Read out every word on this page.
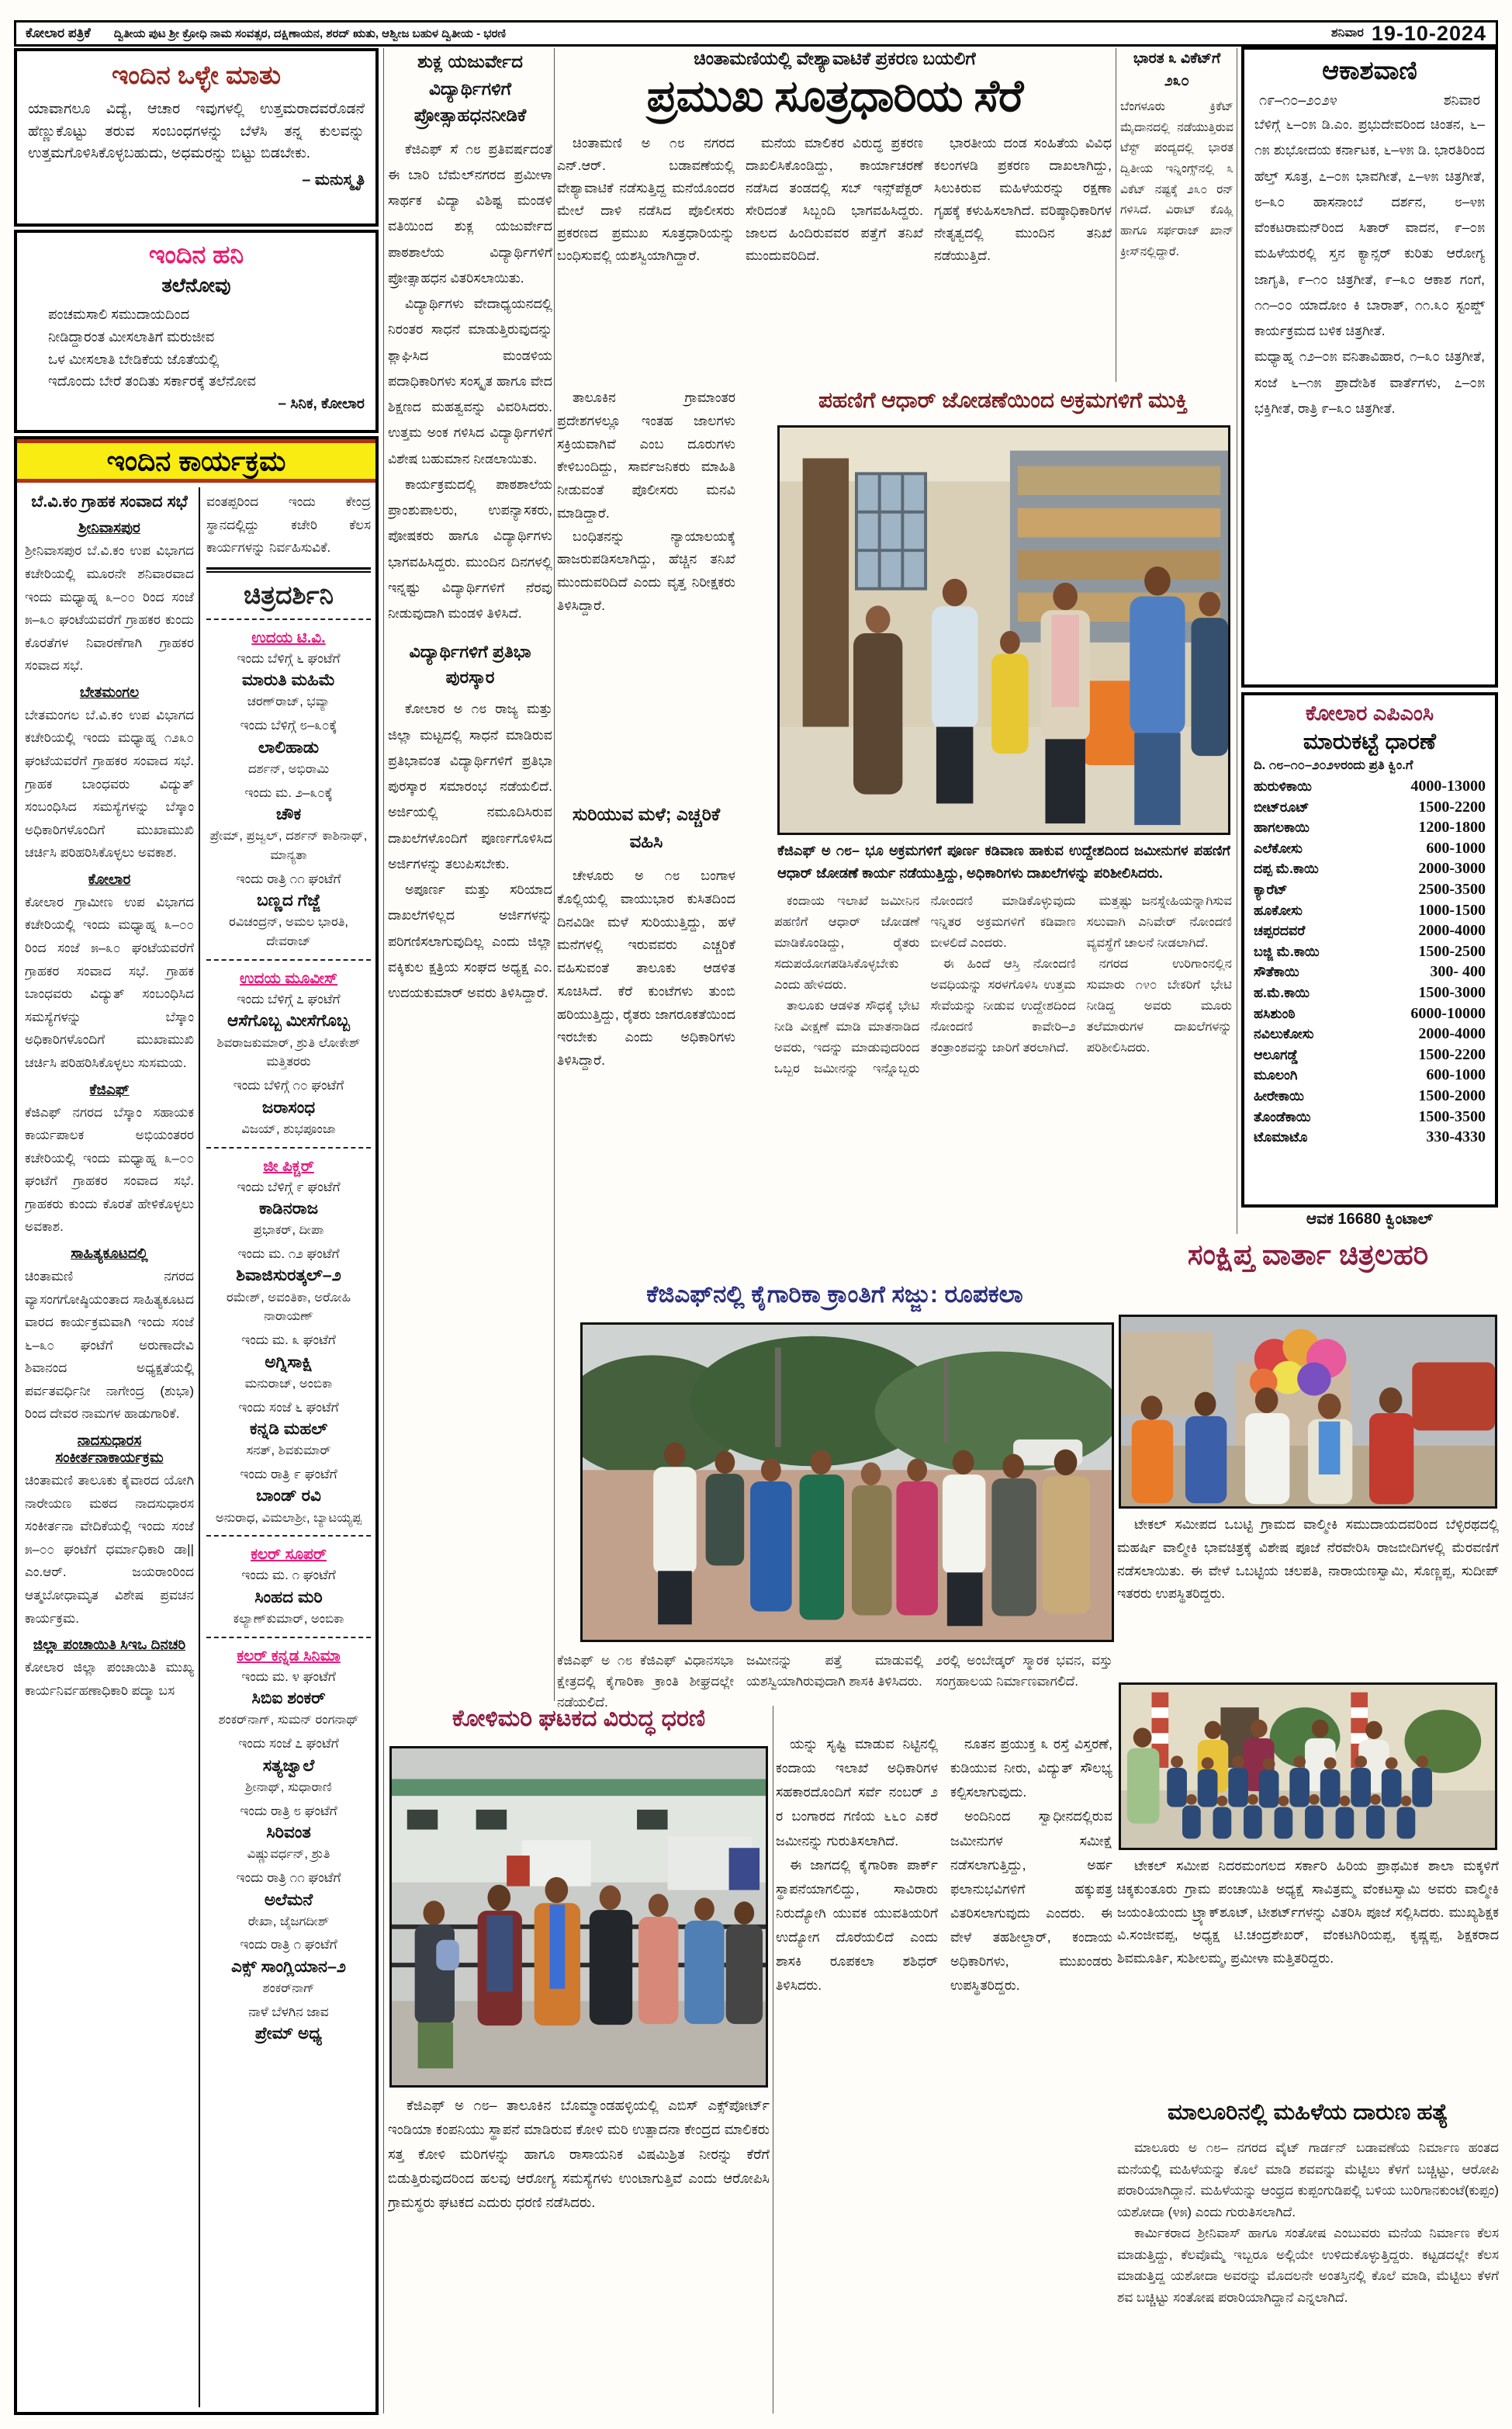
ಕೋಲಾರ ಪತ್ರಿಕೆ ದ್ವಿತೀಯ ಪುಟ ಶ್ರೀ ಕ್ರೋಧಿ ನಾಮ ಸಂವತ್ಸರ, ದಕ್ಷಿಣಾಯನ, ಶರದ್ ಋತು, ಆಶ್ವೀಜ ಬಹುಳ ದ್ವಿತೀಯ - ಭರಣಿ	ಶನಿವಾರ 19-10-2024
ಇಂದಿನ ಒಳ್ಳೇ ಮಾತು

ಯಾವಾಗಲೂ ವಿದ್ಯೆ, ಆಚಾರ ಇವುಗಳಲ್ಲಿ ಉತ್ತಮರಾದವರೊಡನೆ ಹೆಣ್ಣುಕೊಟ್ಟು ತರುವ ಸಂಬಂಧಗಳನ್ನು ಬೆಳೆಸಿ ತನ್ನ ಕುಲವನ್ನು ಉತ್ತಮಗೊಳಿಸಿಕೊಳ್ಳಬಹುದು, ಅಧಮರನ್ನು ಬಿಟ್ಟು ಬಿಡಬೇಕು.

– ಮನುಸ್ಮೃತಿ
ಇಂದಿನ ಹನಿ
ತಲೆನೋವು
ಪಂಚಮಸಾಲಿ ಸಮುದಾಯದಿಂದ
ನೀಡಿದ್ದಾರಂತ ಮೀಸಲಾತಿಗೆ ಮರುಜೀವ
ಒಳ ಮೀಸಲಾತಿ ಬೇಡಿಕೆಯ ಜೊತೆಯಲ್ಲಿ
ಇದೊಂದು ಬೇರೆ ತಂದಿತು ಸರ್ಕಾರಕ್ಕೆ ತಲೆನೋವ
– ಸಿನಿಕ, ಕೋಲಾರ
ಇಂದಿನ ಕಾರ್ಯಕ್ರಮ
ಬೆ.ವಿ.ಕಂ ಗ್ರಾಹಕ ಸಂವಾದ ಸಭೆ
ಶ್ರೀನಿವಾಸಪುರ

ಶ್ರೀನಿವಾಸಪುರ ಬೆ.ವಿ.ಕಂ ಉಪ ವಿಭಾಗದ ಕಚೇರಿಯಲ್ಲಿ ಮೂರನೇ ಶನಿವಾರವಾದ ಇಂದು ಮಧ್ಯಾಹ್ನ ೩–೦೦ ರಿಂದ ಸಂಜೆ ೫–೩೦ ಘಂಟೆಯವರೆಗೆ ಗ್ರಾಹಕರ ಕುಂದು ಕೊರತೆಗಳ ನಿವಾರಣೆಗಾಗಿ ಗ್ರಾಹಕರ ಸಂವಾದ ಸಭೆ.

ಬೇತಮಂಗಲ

ಬೇತಮಂಗಲ ಬೆ.ವಿ.ಕಂ ಉಪ ವಿಭಾಗದ ಕಚೇರಿಯಲ್ಲಿ ಇಂದು ಮಧ್ಯಾಹ್ನ ೧೨೩೦ ಘಂಟೆಯವರೆಗೆ ಗ್ರಾಹಕರ ಸಂವಾದ ಸಭೆ. ಗ್ರಾಹಕ ಬಾಂಧವರು ವಿದ್ಯುತ್ ಸಂಬಂಧಿಸಿದ ಸಮಸ್ಯೆಗಳನ್ನು ಬೆಸ್ಕಾಂ ಅಧಿಕಾರಿಗಳೊಂದಿಗೆ ಮುಖಾಮುಖಿ ಚರ್ಚಿಸಿ ಪರಿಹರಿಸಿಕೊಳ್ಳಲು ಅವಕಾಶ.

ಕೋಲಾರ

ಕೋಲಾರ ಗ್ರಾಮೀಣ ಉಪ ವಿಭಾಗದ ಕಚೇರಿಯಲ್ಲಿ ಇಂದು ಮಧ್ಯಾಹ್ನ ೩–೦೦ ರಿಂದ ಸಂಜೆ ೫–೩೦ ಘಂಟೆಯವರೆಗೆ ಗ್ರಾಹಕರ ಸಂವಾದ ಸಭೆ. ಗ್ರಾಹಕ ಬಾಂಧವರು ವಿದ್ಯುತ್ ಸಂಬಂಧಿಸಿದ ಸಮಸ್ಯೆಗಳನ್ನು ಬೆಸ್ಕಾಂ ಅಧಿಕಾರಿಗಳೊಂದಿಗೆ ಮುಖಾಮುಖಿ ಚರ್ಚಿಸಿ ಪರಿಹರಿಸಿಕೊಳ್ಳಲು ಸುಸಮಯ.

ಕೆಜಿಎಫ್

ಕೆಜಿಎಫ್ ನಗರದ ಬೆಸ್ಕಾಂ ಸಹಾಯಕ ಕಾರ್ಯಪಾಲಕ ಅಭಿಯಂತರರ ಕಚೇರಿಯಲ್ಲಿ ಇಂದು ಮಧ್ಯಾಹ್ನ ೩–೦೦ ಘಂಟೆಗೆ ಗ್ರಾಹಕರ ಸಂವಾದ ಸಭೆ. ಗ್ರಾಹಕರು ಕುಂದು ಕೊರತೆ ಹೇಳಿಕೊಳ್ಳಲು ಅವಕಾಶ.

ಸಾಹಿತ್ಯಕೂಟದಲ್ಲಿ

ಚಿಂತಾಮಣಿ ನಗರದ ವ್ಯಾಸಂಗಗೋಷ್ಠಿಯಂತಾದ ಸಾಹಿತ್ಯಕೂಟದ ವಾರದ ಕಾರ್ಯಕ್ರಮವಾಗಿ ಇಂದು ಸಂಜೆ ೬–೩೦ ಘಂಟೆಗೆ ಅರುಣಾದೇವಿ ಶಿವಾನಂದ ಅಧ್ಯಕ್ಷತೆಯಲ್ಲಿ ಪರ್ವತವರ್ಧಿನೀ ನಾಗೇಂದ್ರ (ಶುಭಾ) ರಿಂದ ದೇವರ ನಾಮಗಳ ಹಾಡುಗಾರಿಕೆ.

ನಾದಸುಧಾರಸ ಸಂಕೀರ್ತನಾಕಾರ್ಯಕ್ರಮ

ಚಿಂತಾಮಣಿ ತಾಲೂಕು ಕೈವಾರದ ಯೋಗಿ ನಾರೇಯಣ ಮಠದ ನಾದಸುಧಾರಸ ಸಂಕೀರ್ತನಾ ವೇದಿಕೆಯಲ್ಲಿ ಇಂದು ಸಂಜೆ ೫–೦೦ ಘಂಟೆಗೆ ಧರ್ಮಾಧಿಕಾರಿ ಡಾ|| ಎಂ.ಆರ್. ಜಯರಾಂರಿಂದ ಆತ್ಮಬೋಧಾಮೃತ ವಿಶೇಷ ಪ್ರವಚನ ಕಾರ್ಯಕ್ರಮ.

ಜಿಲ್ಲಾ ಪಂಚಾಯಿತಿ ಸಿಇಒ ದಿನಚರಿ

ಕೋಲಾರ ಜಿಲ್ಲಾ ಪಂಚಾಯಿತಿ ಮುಖ್ಯ ಕಾರ್ಯನಿರ್ವಹಣಾಧಿಕಾರಿ ಪದ್ಮಾ ಬಸ

ವಂತಪ್ಪರಿಂದ ಇಂದು ಕೇಂದ್ರ ಸ್ಥಾನದಲ್ಲಿದ್ದು ಕಚೇರಿ ಕೆಲಸ ಕಾರ್ಯಗಳನ್ನು ನಿರ್ವಹಿಸುವಿಕೆ.

ಚಿತ್ರದರ್ಶಿನಿ
ಉದಯ ಟಿ.ವಿ.
ಇಂದು ಬೆಳಿಗ್ಗೆ ೬ ಘಂಟೆಗೆ
ಮಾರುತಿ ಮಹಿಮೆ
ಚರಣ್‌ರಾಜ್, ಭವ್ಯಾ
ಇಂದು ಬೆಳಿಗ್ಗೆ ೮–೩೦ಕ್ಕೆ
ಲಾಲಿಹಾಡು
ದರ್ಶನ್, ಅಭಿರಾಮಿ
ಇಂದು ಮ. ೨–೩೦ಕ್ಕೆ
ಚೌಕ
ಪ್ರೇಮ್, ಪ್ರಜ್ವಲ್, ದರ್ಶನ್ ಕಾಶಿನಾಥ್, ಮಾನ್ಯತಾ
ಇಂದು ರಾತ್ರಿ ೧೧ ಘಂಟೆಗೆ
ಬಣ್ಣದ ಗೆಜ್ಜೆ
ರವಿಚಂದ್ರನ್, ಅಮಲ ಭಾರತಿ, ದೇವರಾಜ್
ಉದಯ ಮೂವೀಸ್
ಇಂದು ಬೆಳಿಗ್ಗೆ ೭ ಘಂಟೆಗೆ
ಆಸೆಗೊಬ್ಬ ಮೀಸೆಗೊಬ್ಬ
ಶಿವರಾಜಕುಮಾರ್, ಶ್ರುತಿ ಲೋಕೇಶ್ ಮತ್ತಿತರರು
ಇಂದು ಬೆಳಿಗ್ಗೆ ೧೦ ಘಂಟೆಗೆ
ಜರಾಸಂಧ
ವಿಜಯ್, ಶುಭಪೂಂಜಾ
ಜೀ ಪಿಕ್ಚರ್
ಇಂದು ಬೆಳಿಗ್ಗೆ ೯ ಘಂಟೆಗೆ
ಕಾಡಿನರಾಜ
ಪ್ರಭಾಕರ್, ದೀಪಾ
ಇಂದು ಮ. ೧೨ ಘಂಟೆಗೆ
ಶಿವಾಜಿಸುರತ್ಕಲ್–೨
ರಮೇಶ್, ಅವಂತಿಕಾ, ಅರೋಹಿ ನಾರಾಯಣ್
ಇಂದು ಮ. ೩ ಘಂಟೆಗೆ
ಅಗ್ನಿಸಾಕ್ಷಿ
ಮನುರಾಜ್, ಅಂಬಿಕಾ
ಇಂದು ಸಂಜೆ ೬ ಘಂಟೆಗೆ
ಕನ್ನಡಿ ಮಹಲ್
ಸನತ್, ಶಿವಕುಮಾರ್
ಇಂದು ರಾತ್ರಿ ೯ ಘಂಟೆಗೆ
ಬಾಂಡ್ ರವಿ
ಅನುರಾಧ, ವಿಮಲಾಶ್ರೀ, ಬ್ಯಾಟಯ್ಯಪ್ಪ
ಕಲರ್ ಸೂಪರ್
ಇಂದು ಮ. ೧ ಘಂಟೆಗೆ
ಸಿಂಹದ ಮರಿ
ಕಲ್ಯಾಣ್‌ಕುಮಾರ್, ಅಂಬಿಕಾ
ಕಲರ್ ಕನ್ನಡ ಸಿನಿಮಾ
ಇಂದು ಮ. ೪ ಘಂಟೆಗೆ
ಸಿಬಿಐ ಶಂಕರ್
ಶಂಕರ್‌ನಾಗ್, ಸುಮನ್ ರಂಗನಾಥ್
ಇಂದು ಸಂಜೆ ೭ ಘಂಟೆಗೆ
ಸತ್ಯಜ್ವಾಲೆ
ಶ್ರೀನಾಥ್, ಸುಧಾರಾಣಿ
ಇಂದು ರಾತ್ರಿ ೮ ಘಂಟೆಗೆ
ಸಿರಿವಂತ
ವಿಷ್ಣುವರ್ಧನ್, ಶ್ರುತಿ
ಇಂದು ರಾತ್ರಿ ೧೧ ಘಂಟೆಗೆ
ಅಲೆಮನೆ
ರೇಖಾ, ಜೈಜಗದೀಶ್
ಇಂದು ರಾತ್ರಿ ೧ ಘಂಟೆಗೆ
ಎಕ್ಸ್ ಸಾಂಗ್ಲಿಯಾನ–೨
ಶಂಕರ್‌ನಾಗ್
ನಾಳೆ ಬೆಳಗಿನ ಜಾವ
ಪ್ರೇಮ್ ಅಧ್ಯ
ಶುಕ್ಲ ಯಜುರ್ವೇದ ವಿದ್ಯಾರ್ಥಿಗಳಿಗೆ ಪ್ರೋತ್ಸಾಹಧನನೀಡಿಕೆ

ಕೆಜಿಎಫ್ ಸೆ ೧೮ ಪ್ರತಿವರ್ಷದಂತೆ ಈ ಬಾರಿ ಬೆಮೆಲ್‌ನಗರದ ಪ್ರಮೀಳಾ ಸಾರ್ಥಕ ವಿದ್ಯಾ ವಿಶಿಷ್ಟ ಮಂಡಳಿ ವತಿಯಿಂದ ಶುಕ್ಲ ಯಜುರ್ವೇದ ಪಾಠಶಾಲೆಯ ವಿದ್ಯಾರ್ಥಿಗಳಿಗೆ ಪ್ರೋತ್ಸಾಹಧನ ವಿತರಿಸಲಾಯಿತು.

ವಿದ್ಯಾರ್ಥಿಗಳು ವೇದಾಧ್ಯಯನದಲ್ಲಿ ನಿರಂತರ ಸಾಧನೆ ಮಾಡುತ್ತಿರುವುದನ್ನು ಶ್ಲಾಘಿಸಿದ ಮಂಡಳಿಯ ಪದಾಧಿಕಾರಿಗಳು ಸಂಸ್ಕೃತ ಹಾಗೂ ವೇದ ಶಿಕ್ಷಣದ ಮಹತ್ವವನ್ನು ವಿವರಿಸಿದರು. ಉತ್ತಮ ಅಂಕ ಗಳಿಸಿದ ವಿದ್ಯಾರ್ಥಿಗಳಿಗೆ ವಿಶೇಷ ಬಹುಮಾನ ನೀಡಲಾಯಿತು.

ಕಾರ್ಯಕ್ರಮದಲ್ಲಿ ಪಾಠಶಾಲೆಯ ಪ್ರಾಂಶುಪಾಲರು, ಉಪನ್ಯಾಸಕರು, ಪೋಷಕರು ಹಾಗೂ ವಿದ್ಯಾರ್ಥಿಗಳು ಭಾಗವಹಿಸಿದ್ದರು. ಮುಂದಿನ ದಿನಗಳಲ್ಲಿ ಇನ್ನಷ್ಟು ವಿದ್ಯಾರ್ಥಿಗಳಿಗೆ ನೆರವು ನೀಡುವುದಾಗಿ ಮಂಡಳಿ ತಿಳಿಸಿದೆ.

ವಿದ್ಯಾರ್ಥಿಗಳಿಗೆ ಪ್ರತಿಭಾ ಪುರಸ್ಕಾರ

ಕೋಲಾರ ಅ ೧೮ ರಾಜ್ಯ ಮತ್ತು ಜಿಲ್ಲಾ ಮಟ್ಟದಲ್ಲಿ ಸಾಧನೆ ಮಾಡಿರುವ ಪ್ರತಿಭಾವಂತ ವಿದ್ಯಾರ್ಥಿಗಳಿಗೆ ಪ್ರತಿಭಾ ಪುರಸ್ಕಾರ ಸಮಾರಂಭ ನಡೆಯಲಿದೆ. ಅರ್ಜಿಯಲ್ಲಿ ನಮೂದಿಸಿರುವ ದಾಖಲೆಗಳೊಂದಿಗೆ ಪೂರ್ಣಗೊಳಿಸಿದ ಅರ್ಜಿಗಳನ್ನು ತಲುಪಿಸಬೇಕು.

ಅಪೂರ್ಣ ಮತ್ತು ಸರಿಯಾದ ದಾಖಲೆಗಳಿಲ್ಲದ ಅರ್ಜಿಗಳನ್ನು ಪರಿಗಣಿಸಲಾಗುವುದಿಲ್ಲ ಎಂದು ಜಿಲ್ಲಾ ವಕ್ಕಿಕುಲ ಕ್ಷತ್ರಿಯ ಸಂಘದ ಅಧ್ಯಕ್ಷ ಎಂ. ಉದಯಕುಮಾರ್ ಅವರು ತಿಳಿಸಿದ್ದಾರೆ.

ಚಿಂತಾಮಣಿಯಲ್ಲಿ ವೇಶ್ಯಾವಾಟಿಕೆ ಪ್ರಕರಣ ಬಯಲಿಗೆ
ಪ್ರಮುಖ ಸೂತ್ರಧಾರಿಯ ಸೆರೆ

ಚಿಂತಾಮಣಿ ಅ ೧೮ ನಗರದ ಎನ್.ಆರ್. ಬಡಾವಣೆಯಲ್ಲಿ ವೇಶ್ಯಾವಾಟಿಕೆ ನಡೆಸುತ್ತಿದ್ದ ಮನೆಯೊಂದರ ಮೇಲೆ ದಾಳಿ ನಡೆಸಿದ ಪೊಲೀಸರು ಪ್ರಕರಣದ ಪ್ರಮುಖ ಸೂತ್ರಧಾರಿಯನ್ನು ಬಂಧಿಸುವಲ್ಲಿ ಯಶಸ್ವಿಯಾಗಿದ್ದಾರೆ.

ಮನೆಯ ಮಾಲಿಕರ ವಿರುದ್ಧ ಪ್ರಕರಣ ದಾಖಲಿಸಿಕೊಂಡಿದ್ದು, ಕಾರ್ಯಾಚರಣೆ ನಡೆಸಿದ ತಂಡದಲ್ಲಿ ಸಬ್ ಇನ್ಸ್‌ಪೆಕ್ಟರ್ ಸೇರಿದಂತೆ ಸಿಬ್ಬಂದಿ ಭಾಗವಹಿಸಿದ್ದರು. ಜಾಲದ ಹಿಂದಿರುವವರ ಪತ್ತೆಗೆ ತನಿಖೆ ಮುಂದುವರಿದಿದೆ.

ಭಾರತೀಯ ದಂಡ ಸಂಹಿತೆಯ ವಿವಿಧ ಕಲಂಗಳಡಿ ಪ್ರಕರಣ ದಾಖಲಾಗಿದ್ದು, ಸಿಲುಕಿರುವ ಮಹಿಳೆಯರನ್ನು ರಕ್ಷಣಾ ಗೃಹಕ್ಕೆ ಕಳುಹಿಸಲಾಗಿದೆ. ವರಿಷ್ಠಾಧಿಕಾರಿಗಳ ನೇತೃತ್ವದಲ್ಲಿ ಮುಂದಿನ ತನಿಖೆ ನಡೆಯುತ್ತಿದೆ.

ಭಾರತ ೩ ವಿಕೆಟ್‌ಗೆ ೨೩೦

ಬೆಂಗಳೂರು ಕ್ರಿಕೆಟ್ ಮೈದಾನದಲ್ಲಿ ನಡೆಯುತ್ತಿರುವ ಟೆಸ್ಟ್ ಪಂದ್ಯದಲ್ಲಿ ಭಾರತ ದ್ವಿತೀಯ ಇನ್ನಿಂಗ್ಸ್‌ನಲ್ಲಿ ೩ ವಿಕೆಟ್ ನಷ್ಟಕ್ಕೆ ೨೩೦ ರನ್ ಗಳಿಸಿದೆ. ವಿರಾಟ್ ಕೊಹ್ಲಿ ಹಾಗೂ ಸರ್ಫರಾಜ್ ಖಾನ್ ಕ್ರೀಸ್‌ನಲ್ಲಿದ್ದಾರೆ.

ತಾಲೂಕಿನ ಗ್ರಾಮಾಂತರ ಪ್ರದೇಶಗಳಲ್ಲೂ ಇಂತಹ ಜಾಲಗಳು ಸಕ್ರಿಯವಾಗಿವೆ ಎಂಬ ದೂರುಗಳು ಕೇಳಿಬಂದಿದ್ದು, ಸಾರ್ವಜನಿಕರು ಮಾಹಿತಿ ನೀಡುವಂತೆ ಪೊಲೀಸರು ಮನವಿ ಮಾಡಿದ್ದಾರೆ.

ಬಂಧಿತನನ್ನು ನ್ಯಾಯಾಲಯಕ್ಕೆ ಹಾಜರುಪಡಿಸಲಾಗಿದ್ದು, ಹೆಚ್ಚಿನ ತನಿಖೆ ಮುಂದುವರಿದಿದೆ ಎಂದು ವೃತ್ತ ನಿರೀಕ್ಷಕರು ತಿಳಿಸಿದ್ದಾರೆ.

ಸುರಿಯುವ ಮಳೆ; ಎಚ್ಚರಿಕೆ ವಹಿಸಿ

ಚೇಳೂರು ಅ ೧೮ ಬಂಗಾಳ ಕೊಲ್ಲಿಯಲ್ಲಿ ವಾಯುಭಾರ ಕುಸಿತದಿಂದ ದಿನವಿಡೀ ಮಳೆ ಸುರಿಯುತ್ತಿದ್ದು, ಹಳೆ ಮನೆಗಳಲ್ಲಿ ಇರುವವರು ಎಚ್ಚರಿಕೆ ವಹಿಸುವಂತೆ ತಾಲೂಕು ಆಡಳಿತ ಸೂಚಿಸಿದೆ. ಕೆರೆ ಕುಂಟೆಗಳು ತುಂಬಿ ಹರಿಯುತ್ತಿದ್ದು, ರೈತರು ಜಾಗರೂಕತೆಯಿಂದ ಇರಬೇಕು ಎಂದು ಅಧಿಕಾರಿಗಳು ತಿಳಿಸಿದ್ದಾರೆ.

ಪಹಣಿಗೆ ಆಧಾರ್ ಜೋಡಣೆಯಿಂದ ಅಕ್ರಮಗಳಿಗೆ ಮುಕ್ತಿ
ಕೆಜಿಎಫ್ ಅ ೧೮– ಭೂ ಅಕ್ರಮಗಳಿಗೆ ಪೂರ್ಣ ಕಡಿವಾಣ ಹಾಕುವ ಉದ್ದೇಶದಿಂದ ಜಮೀನುಗಳ ಪಹಣಿಗೆ ಆಧಾರ್ ಜೋಡಣೆ ಕಾರ್ಯ ನಡೆಯುತ್ತಿದ್ದು, ಅಧಿಕಾರಿಗಳು ದಾಖಲೆಗಳನ್ನು ಪರಿಶೀಲಿಸಿದರು.

ಕಂದಾಯ ಇಲಾಖೆ ಜಮೀನಿನ ಪಹಣಿಗೆ ಆಧಾರ್ ಜೋಡಣೆ ಮಾಡಿಕೊಂಡಿದ್ದು, ರೈತರು ಸದುಪಯೋಗಪಡಿಸಿಕೊಳ್ಳಬೇಕು ಎಂದು ಹೇಳಿದರು.

ತಾಲೂಕು ಆಡಳಿತ ಸೌಧಕ್ಕೆ ಭೇಟಿ ನೀಡಿ ವೀಕ್ಷಣೆ ಮಾಡಿ ಮಾತನಾಡಿದ ಅವರು, ಇದನ್ನು ಮಾಡುವುದರಿಂದ ಒಬ್ಬರ ಜಮೀನನ್ನು ಇನ್ನೊಬ್ಬರು ನೋಂದಣಿ ಮಾಡಿಕೊಳ್ಳುವುದು ಇನ್ನಿತರ ಅಕ್ರಮಗಳಿಗೆ ಕಡಿವಾಣ ಬೀಳಲಿದೆ ಎಂದರು.

ಈ ಹಿಂದೆ ಆಸ್ತಿ ನೋಂದಣಿ ಅವಧಿಯನ್ನು ಸರಳಗೊಳಿಸಿ ಉತ್ತಮ ಸೇವೆಯನ್ನು ನೀಡುವ ಉದ್ದೇಶದಿಂದ ನೋಂದಣಿ ಕಾವೇರಿ–೨ ತಂತ್ರಾಂಶವನ್ನು ಜಾರಿಗೆ ತರಲಾಗಿದೆ.

ಮತ್ತಷ್ಟು ಜನಸ್ನೇಹಿಯನ್ನಾಗಿಸುವ ಸಲುವಾಗಿ ಎನಿವೇರ್ ನೋಂದಣಿ ವ್ಯವಸ್ಥೆಗೆ ಚಾಲನೆ ನೀಡಲಾಗಿದೆ.

ನಗರದ ಉರಿಗಾಂನಲ್ಲಿನ ಸುಮಾರು ೧೪೦ ಬೇಕರಿಗೆ ಭೇಟಿ ನೀಡಿದ್ದ ಅವರು ಮೂರು ತಲೆಮಾರುಗಳ ದಾಖಲೆಗಳನ್ನು ಪರಿಶೀಲಿಸಿದರು.

ಕೆಜಿಎಫ್‌ನಲ್ಲಿ ಕೈಗಾರಿಕಾ ಕ್ರಾಂತಿಗೆ ಸಜ್ಜು: ರೂಪಕಲಾ

ಕೆಜಿಎಫ್ ಅ ೧೮ ಕೆಜಿಎಫ್ ವಿಧಾನಸಭಾ ಕ್ಷೇತ್ರದಲ್ಲಿ ಕೈಗಾರಿಕಾ ಕ್ರಾಂತಿ ಶೀಘ್ರದಲ್ಲೇ ನಡೆಯಲಿದೆ.

ಜಮೀನನ್ನು ಪತ್ತೆ ಮಾಡುವಲ್ಲಿ ಯಶಸ್ವಿಯಾಗಿರುವುದಾಗಿ ಶಾಸಕಿ ತಿಳಿಸಿದರು.

೨ರಲ್ಲಿ ಅಂಬೇಡ್ಕರ್ ಸ್ಮಾರಕ ಭವನ, ವಸ್ತು ಸಂಗ್ರಹಾಲಯ ನಿರ್ಮಾಣವಾಗಲಿದೆ.

ಯನ್ನು ಸೃಷ್ಟಿ ಮಾಡುವ ನಿಟ್ಟಿನಲ್ಲಿ ಕಂದಾಯ ಇಲಾಖೆ ಅಧಿಕಾರಿಗಳ ಸಹಕಾರದೊಂದಿಗೆ ಸರ್ವೆ ನಂಬರ್ ೨ ರ ಬಂಗಾರದ ಗಣಿಯ ೬೬೦ ಎಕರೆ ಜಮೀನನ್ನು ಗುರುತಿಸಲಾಗಿದೆ.

ಈ ಜಾಗದಲ್ಲಿ ಕೈಗಾರಿಕಾ ಪಾರ್ಕ್ ಸ್ಥಾಪನೆಯಾಗಲಿದ್ದು, ಸಾವಿರಾರು ನಿರುದ್ಯೋಗಿ ಯುವಕ ಯುವತಿಯರಿಗೆ ಉದ್ಯೋಗ ದೊರೆಯಲಿದೆ ಎಂದು ಶಾಸಕಿ ರೂಪಕಲಾ ಶಶಿಧರ್ ತಿಳಿಸಿದರು.

ನೂತನ ಪ್ರಯುಕ್ತ ೩ ರಸ್ತೆ ವಿಸ್ತರಣೆ, ಕುಡಿಯುವ ನೀರು, ವಿದ್ಯುತ್ ಸೌಲಭ್ಯ ಕಲ್ಪಿಸಲಾಗುವುದು.

ಅಂದಿನಿಂದ ಸ್ವಾಧೀನದಲ್ಲಿರುವ ಜಮೀನುಗಳ ಸಮೀಕ್ಷೆ ನಡೆಸಲಾಗುತ್ತಿದ್ದು, ಅರ್ಹ ಫಲಾನುಭವಿಗಳಿಗೆ ಹಕ್ಕುಪತ್ರ ವಿತರಿಸಲಾಗುವುದು ಎಂದರು. ಈ ವೇಳೆ ತಹಶೀಲ್ದಾರ್, ಕಂದಾಯ ಅಧಿಕಾರಿಗಳು, ಮುಖಂಡರು ಉಪಸ್ಥಿತರಿದ್ದರು.

ಕೋಳಿಮರಿ ಘಟಕದ ವಿರುದ್ಧ ಧರಣಿ

ಕೆಜಿಎಫ್ ಅ ೧೮– ತಾಲೂಕಿನ ಬೊಮ್ಮಾಂಡಹಳ್ಳಿಯಲ್ಲಿ ಎಬಿಸ್ ಎಕ್ಸ್‌ಪೋರ್ಟ್ ಇಂಡಿಯಾ ಕಂಪನಿಯು ಸ್ಥಾಪನೆ ಮಾಡಿರುವ ಕೋಳಿ ಮರಿ ಉತ್ಪಾದನಾ ಕೇಂದ್ರದ ಮಾಲಿಕರು ಸತ್ತ ಕೋಳಿ ಮರಿಗಳನ್ನು ಹಾಗೂ ರಾಸಾಯನಿಕ ವಿಷಮಿಶ್ರಿತ ನೀರನ್ನು ಕೆರೆಗೆ ಬಿಡುತ್ತಿರುವುದರಿಂದ ಹಲವು ಆರೋಗ್ಯ ಸಮಸ್ಯೆಗಳು ಉಂಟಾಗುತ್ತಿವೆ ಎಂದು ಆರೋಪಿಸಿ ಗ್ರಾಮಸ್ಥರು ಘಟಕದ ಎದುರು ಧರಣಿ ನಡೆಸಿದರು.

ಆಕಾಶವಾಣಿ
೧೯–೧೦–೨೦೨೪	ಶನಿವಾರ

ಬೆಳಿಗ್ಗೆ ೬–೦೫ ಡಿ.ಎಂ. ಪ್ರಭುದೇವರಿಂದ ಚಿಂತನ, ೬–೧೫ ಶುಭೋದಯ ಕರ್ನಾಟಕ, ೬–೪೫ ಡಿ. ಭಾರತಿರಿಂದ ಹೆಲ್ತ್ ಸೂತ್ರ, ೭–೦೫ ಭಾವಗೀತೆ, ೭–೪೫ ಚಿತ್ರಗೀತೆ, ೮–೩೦ ಹಾಸನಾಂಬೆ ದರ್ಶನ, ೮–೪೫ ವೆಂಕಟರಾಮನ್‌ರಿಂದ ಸಿತಾರ್ ವಾದನ, ೯–೦೫ ಮಹಿಳೆಯರಲ್ಲಿ ಸ್ತನ ಕ್ಯಾನ್ಸರ್ ಕುರಿತು ಆರೋಗ್ಯ ಜಾಗೃತಿ, ೯–೧೦ ಚಿತ್ರಗೀತೆ, ೯–೩೦ ಆಕಾಶ ಗಂಗೆ, ೧೧–೦೦ ಯಾದೋಂ ಕಿ ಬಾರಾತ್, ೧೧.೩೦ ಸ್ಟಂಪ್ಡ್ ಕಾರ್ಯಕ್ರಮದ ಬಳಿಕ ಚಿತ್ರಗೀತೆ.

ಮಧ್ಯಾಹ್ನ ೧೨–೦೫ ವನಿತಾವಿಹಾರ, ೧–೩೦ ಚಿತ್ರಗೀತೆ, ಸಂಜೆ ೬–೧೫ ಪ್ರಾದೇಶಿಕ ವಾರ್ತೆಗಳು, ೭–೦೫ ಭಕ್ತಿಗೀತೆ, ರಾತ್ರಿ ೯–೩೦ ಚಿತ್ರಗೀತೆ.

ಕೋಲಾರ ಎಪಿಎಂಸಿ
ಮಾರುಕಟ್ಟೆ ಧಾರಣೆ
ದಿ. ೧೮–೧೦–೨೦೨೪ರಂದು ಪ್ರತಿ ಕ್ವಿಂ.ಗೆ
ಹುರುಳಿಕಾಯಿ	4000-13000
ಬೀಟ್‌ರೂಟ್	1500-2200
ಹಾಗಲಕಾಯಿ	1200-1800
ಎಲೆಕೋಸು	600-1000
ದಪ್ಪ ಮೆ.ಕಾಯಿ	2000-3000
ಕ್ಯಾರೆಟ್	2500-3500
ಹೂಕೋಸು	1000-1500
ಚಪ್ಪರದವರೆ	2000-4000
ಬಜ್ಜಿ ಮೆ.ಕಾಯಿ	1500-2500
ಸೌತೆಕಾಯಿ	300- 400
ಹ.ಮೆ.ಕಾಯಿ	1500-3000
ಹಸಿಶುಂಠಿ	6000-10000
ನವಿಲುಕೋಸು	2000-4000
ಆಲೂಗಡ್ಡೆ	1500-2200
ಮೂಲಂಗಿ	600-1000
ಹೀರೇಕಾಯಿ	1500-2000
ತೊಂಡೆಕಾಯಿ	1500-3500
ಟೊಮಾಟೊ	330-4330
ಆವಕ 16680 ಕ್ವಿಂಟಾಲ್
ಸಂಕ್ಷಿಪ್ತ ವಾರ್ತಾ ಚಿತ್ರಲಹರಿ

ಟೇಕಲ್ ಸಮೀಪದ ಒಬಟ್ಟಿ ಗ್ರಾಮದ ವಾಲ್ಮೀಕಿ ಸಮುದಾಯದವರಿಂದ ಬೆಳ್ಳಿರಥದಲ್ಲಿ ಮಹರ್ಷಿ ವಾಲ್ಮೀಕಿ ಭಾವಚಿತ್ರಕ್ಕೆ ವಿಶೇಷ ಪೂಜೆ ನೆರವೇರಿಸಿ ರಾಜಬೀದಿಗಳಲ್ಲಿ ಮೆರವಣಿಗೆ ನಡೆಸಲಾಯಿತು. ಈ ವೇಳೆ ಒಬಟ್ಟಿಯ ಚಲಪತಿ, ನಾರಾಯಣಸ್ವಾಮಿ, ಸೊಣ್ಣಪ್ಪ, ಸುದೀಪ್ ಇತರರು ಉಪಸ್ಥಿತರಿದ್ದರು.

ಟೇಕಲ್ ಸಮೀಪ ನಿದರಮಂಗಲದ ಸರ್ಕಾರಿ ಹಿರಿಯ ಪ್ರಾಥಮಿಕ ಶಾಲಾ ಮಕ್ಕಳಿಗೆ ಚಿಕ್ಕಕುಂತೂರು ಗ್ರಾಮ ಪಂಚಾಯಿತಿ ಅಧ್ಯಕ್ಷೆ ಸಾವಿತ್ರಮ್ಮ ವೆಂಕಟಸ್ವಾಮಿ ಅವರು ವಾಲ್ಮೀಕಿ ಜಯಂತಿಯಂದು ಟ್ರ್ಯಾಕ್‌ಶೂಟ್, ಟೀಶರ್ಟ್‌ಗಳನ್ನು ವಿತರಿಸಿ ಪೂಜೆ ಸಲ್ಲಿಸಿದರು. ಮುಖ್ಯಶಿಕ್ಷಕ ವಿ.ಸಂಜೀವಪ್ಪ, ಅಧ್ಯಕ್ಷ ಟಿ.ಚಂದ್ರಶೇಖರ್, ವೆಂಕಟಗಿರಿಯಪ್ಪ, ಕೃಷ್ಣಪ್ಪ, ಶಿಕ್ಷಕರಾದ ಶಿವಮೂರ್ತಿ, ಸುಶೀಲಮ್ಮ, ಪ್ರಮೀಳಾ ಮತ್ತಿತರಿದ್ದರು.

ಮಾಲೂರಿನಲ್ಲಿ ಮಹಿಳೆಯ ದಾರುಣ ಹತ್ಯೆ

ಮಾಲೂರು ಅ ೧೮– ನಗರದ ವೈಟ್ ಗಾರ್ಡನ್ ಬಡಾವಣೆಯ ನಿರ್ಮಾಣ ಹಂತದ ಮನೆಯಲ್ಲಿ ಮಹಿಳೆಯನ್ನು ಕೊಲೆ ಮಾಡಿ ಶವವನ್ನು ಮೆಟ್ಟಿಲು ಕೆಳಗೆ ಬಚ್ಚಿಟ್ಟು, ಆರೋಪಿ ಪರಾರಿಯಾಗಿದ್ದಾನೆ. ಮಹಿಳೆಯನ್ನು ಆಂಧ್ರದ ಕುಪ್ಪಂಗುಡಿಪಲ್ಲಿ ಬಳಿಯ ಬುರಿಗಾನಕುಂಟೆ(ಕುಪ್ಪಂ) ಯಶೋದಾ (೪೫) ಎಂದು ಗುರುತಿಸಲಾಗಿದೆ.

ಕಾರ್ಮಿಕರಾದ ಶ್ರೀನಿವಾಸ್ ಹಾಗೂ ಸಂತೋಷ ಎಂಬುವರು ಮನೆಯ ನಿರ್ಮಾಣ ಕೆಲಸ ಮಾಡುತ್ತಿದ್ದು, ಕೆಲವೊಮ್ಮೆ ಇಬ್ಬರೂ ಅಲ್ಲಿಯೇ ಉಳಿದುಕೊಳ್ಳುತ್ತಿದ್ದರು. ಕಟ್ಟಡದಲ್ಲೇ ಕೆಲಸ ಮಾಡುತ್ತಿದ್ದ ಯಶೋದಾ ಅವರನ್ನು ಮೊದಲನೇ ಅಂತಸ್ತಿನಲ್ಲಿ ಕೊಲೆ ಮಾಡಿ, ಮೆಟ್ಟಿಲು ಕೆಳಗೆ ಶವ ಬಚ್ಚಿಟ್ಟು ಸಂತೋಷ ಪರಾರಿಯಾಗಿದ್ದಾನೆ ಎನ್ನಲಾಗಿದೆ.
